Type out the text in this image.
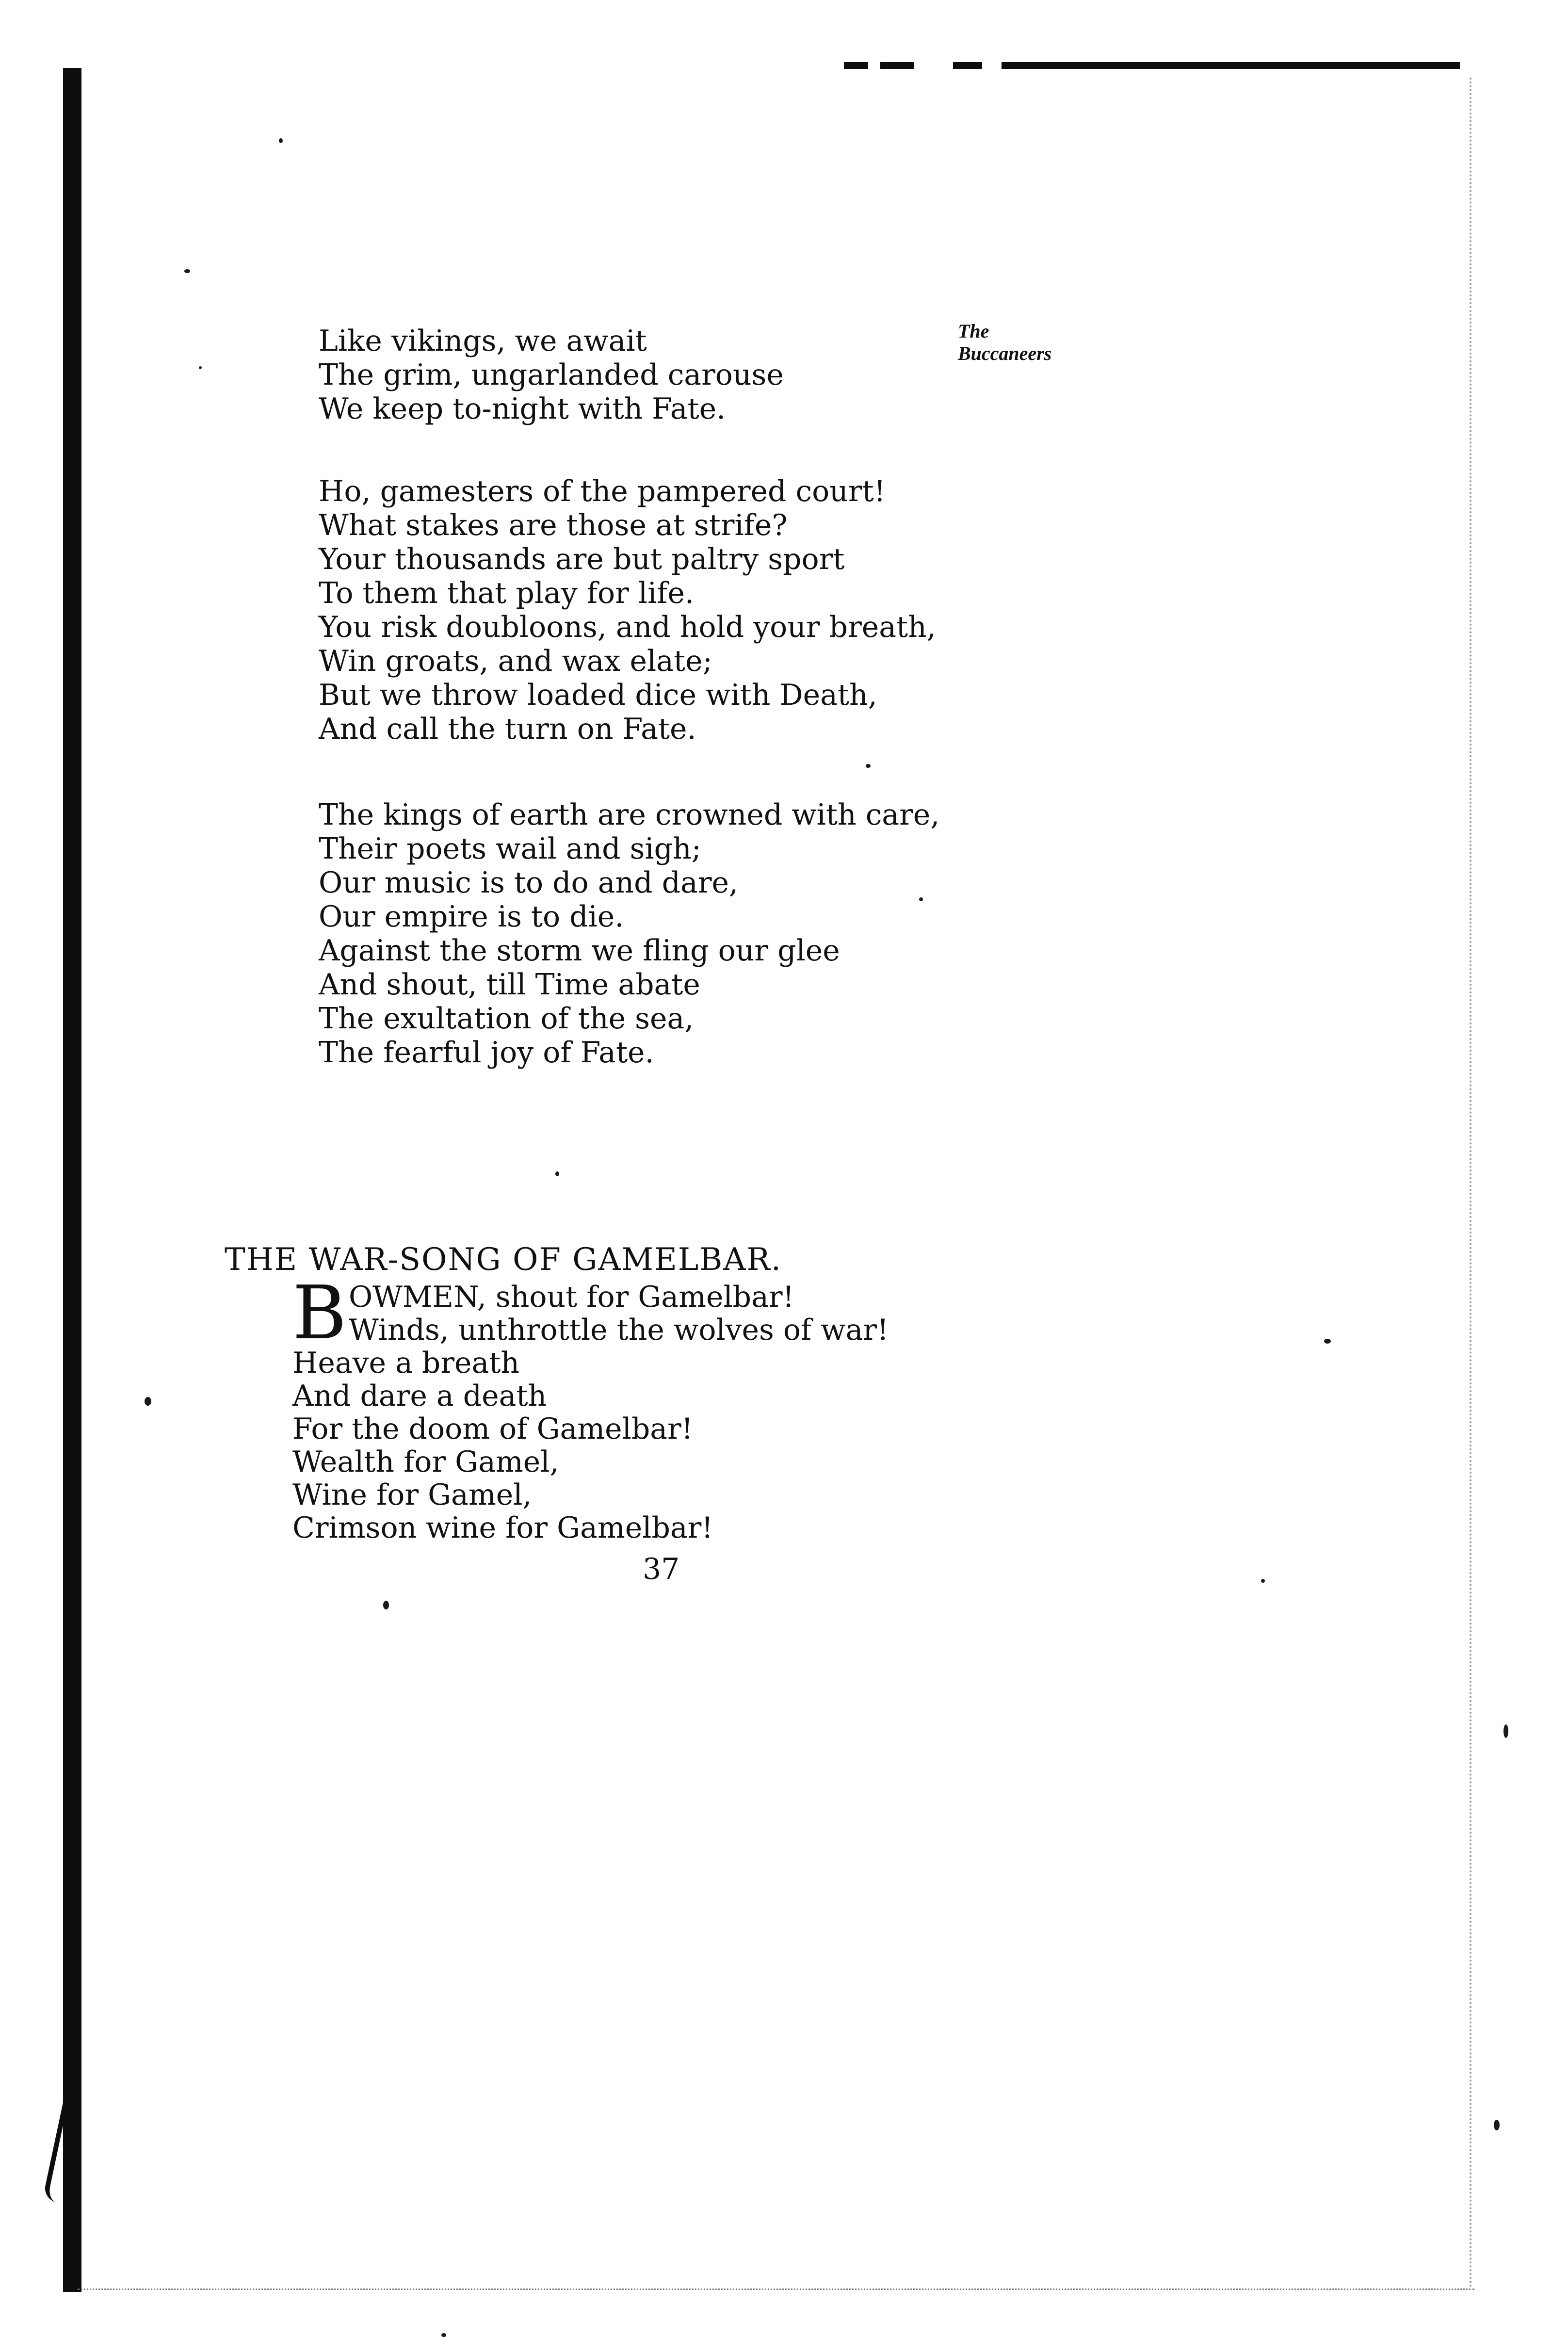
The
Buccaneers
Like vikings, we await
The grim, ungarlanded carouse
We keep to-night with Fate.
Ho, gamesters of the pampered court!
What stakes are those at strife?
Your thousands are but paltry sport
To them that play for life.
You risk doubloons, and hold your breath,
Win groats, and wax elate;
But we throw loaded dice with Death,
And call the turn on Fate.
The kings of earth are crowned with care,
Their poets wail and sigh;
Our music is to do and dare,
Our empire is to die.
Against the storm we fling our glee
And shout, till Time abate
The exultation of the sea,
The fearful joy of Fate.
THE WAR-SONG OF GAMELBAR.
B OWMEN, shout for Gamelbar!
Winds, unthrottle the wolves of war!
Heave a breath
And dare a death
For the doom of Gamelbar!
Wealth for Gamel,
Wine for Gamel,
Crimson wine for Gamelbar!
37
